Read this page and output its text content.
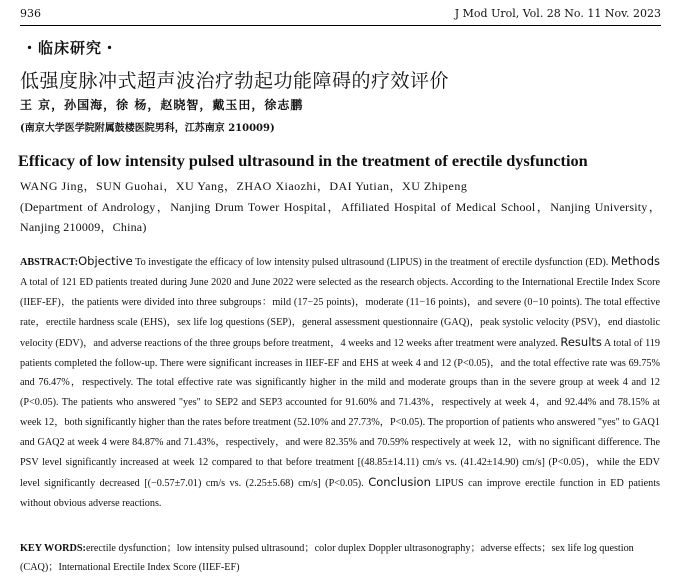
936	J Mod Urol, Vol. 28 No. 11 Nov. 2023
・临床研究・
低强度脉冲式超声波治疗勃起功能障碍的疗效评价
王 京，孙国海，徐 杨，赵晓智，戴玉田，徐志鹏
(南京大学医学院附属鼓楼医院男科，江苏南京 210009)
Efficacy of low intensity pulsed ultrasound in the treatment of erectile dysfunction
WANG Jing，SUN Guohai，XU Yang，ZHAO Xiaozhi，DAI Yutian，XU Zhipeng
(Department of Andrology，Nanjing Drum Tower Hospital，Affiliated Hospital of Medical School，Nanjing University，Nanjing 210009，China)
ABSTRACT:Objective To investigate the efficacy of low intensity pulsed ultrasound (LIPUS) in the treatment of erectile dysfunction (ED). Methods A total of 121 ED patients treated during June 2020 and June 2022 were selected as the research objects. According to the International Erectile Index Score (IIEF-EF)，the patients were divided into three subgroups：mild (17−25 points)，moderate (11−16 points)，and severe (0−10 points). The total effective rate，erectile hardness scale (EHS)，sex life log questions (SEP)，general assessment questionnaire (GAQ)，peak systolic velocity (PSV)，end diastolic velocity (EDV)，and adverse reactions of the three groups before treatment，4 weeks and 12 weeks after treatment were analyzed. Results A total of 119 patients completed the follow-up. There were significant increases in IIEF-EF and EHS at week 4 and 12 (P<0.05)，and the total effective rate was 69.75% and 76.47%，respectively. The total effective rate was significantly higher in the mild and moderate groups than in the severe group at week 4 and 12 (P<0.05). The patients who answered "yes" to SEP2 and SEP3 accounted for 91.60% and 71.43%，respectively at week 4，and 92.44% and 78.15% at week 12，both significantly higher than the rates before treatment (52.10% and 27.73%，P<0.05). The proportion of patients who answered "yes" to GAQ1 and GAQ2 at week 4 were 84.87% and 71.43%，respectively，and were 82.35% and 70.59% respectively at week 12，with no significant difference. The PSV level significantly increased at week 12 compared to that before treatment [(48.85±14.11) cm/s vs. (41.42±14.90) cm/s] (P<0.05)，while the EDV level significantly decreased [(−0.57±7.01) cm/s vs. (2.25±5.68) cm/s] (P<0.05). Conclusion LIPUS can improve erectile function in ED patients without obvious adverse reactions.
KEY WORDS:erectile dysfunction；low intensity pulsed ultrasound；color duplex Doppler ultrasonography；adverse effects；sex life log question (CAQ)；International Erectile Index Score (IIEF-EF)
